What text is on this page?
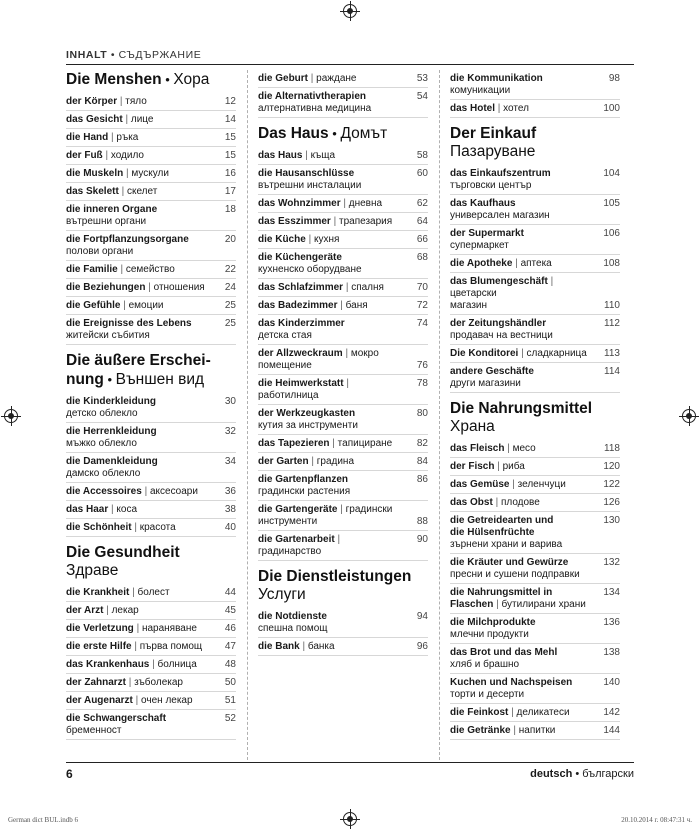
INHALT • СЪДЪРЖАНИЕ
Die Menshen • Хора
der Körper | тяло	12
das Gesicht | лице	14
die Hand | ръка	15
der Fuß | ходило	15
die Muskeln | мускули	16
das Skelett | скелет	17
die inneren Organe
вътрешни органи
18
die Fortpflanzungsorgane
полови органи
20
die Familie | семейство	22
die Beziehungen | отношения 24
die Gefühle | емоции	25
die Ereignisse des Lebens
житейски събития
25
Die äußere Erschei-
nung • Външен вид
die Kinderkleidung
детско облекло
30
die Herrenkleidung
мъжко облекло
32
die Damenkleidung
дамско облекло
34
die Accessoires | аксесоари	36
das Haar | коса	38
die Schönheit | красота	40
Die Gesundheit
Здраве
die Krankheit | болест	44
der Arzt | лекар	45
die Verletzung | нараняване	46
die erste Hilfe | първа помощ 47
das Krankenhaus | болница	48
der Zahnarzt | зъболекар	50
der Augenarzt | очен лекар	51
die Schwangerschaft
бременност
52
die Geburt | раждане	53
die Alternativtherapien
алтернативна медицина
54
Das Haus • Домът
das Haus | къща	58
die Hausanschlüsse
вътрешни инсталации
60
das Wohnzimmer | дневна	62
das Esszimmer | трапезария 64
die Küche | кухня	66
die Küchengeräte
кухненско оборудване
68
das Schlafzimmer | спалня	70
das Badezimmer | баня	72
das Kinderzimmer
детска стая
74
der Allzweckraum | мокро
помещение	76
die Heimwerkstatt | работилница
78
der Werkzeugkasten
кутия за инструменти
80
das Tapezieren | тапициране 82
der Garten | градина	84
die Gartenpflanzen
градински растения
86
die Gartengeräte | градински
инструменти	88
die Gartenarbeit | градинарство
90
Die Dienstleistungen
Услуги
die Notdienste
спешна помощ
94
die Bank | банка	96
die Kommunikation
комуникации
98
das Hotel | хотел	100
Der Einkauf
Пазаруване
das Einkaufszentrum
търговски център
104
das Kaufhaus
универсален магазин
105
der Supermarkt
супермаркет
106
die Apotheke | аптека	108
das Blumengeschäft | цветарски
магазин	110
der Zeitungshändler
продавач на вестници
112
Die Konditorei | сладкарница 113
andere Geschäfte
други магазини
114
Die Nahrungsmittel
Храна
das Fleisch | месо	118
der Fisch | риба	120
das Gemüse | зеленчуци	122
das Obst | плодове	126
die Getreidearten und
die Hülsenfrüchte
зърнени храни и варива
130
die Kräuter und Gewürze
пресни и сушени подправки
132
die Nahrungsmittel in
Flaschen | бутилирани храни
134
die Milchprodukte
млечни продукти
136
das Brot und das Mehl
хляб и брашно
138
Kuchen und Nachspeisen
торти и десерти
140
die Feinkost | деликатеси	142
die Getränke | напитки	144
6	deutsch • български
German dict BUL.indb 6	20.10.2014 г. 08:47:31 ч.
